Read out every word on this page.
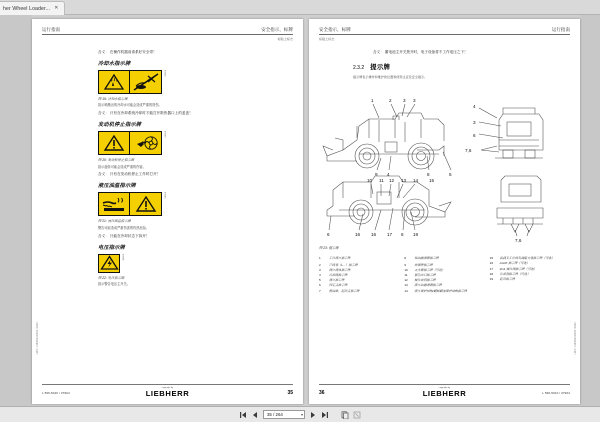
her Wheel Loader... ✕
运行指南	安全指示，标牌
标贴上标志
含义： 在操作机器前请系好安全带！
冷却水指示牌
93062
图 19: 冷却水指示牌
指示喷溅出的冷却水可能会造成严重的烫伤。
含义： 只有在冷却系统冷却时才能打开散热器口上的盖盖！
发动机停止指示牌
93063
图 20: 发动机停止指示牌
指示旋转可能会造成严重的伤害。
含义： 只有在发动机停止工作时打开！
液压油温指示牌
93064
图 21: 液压油温指示牌
警告可能造成严重伤害的灼热危险。
含义： 只能在冷却状态下拆开！
电压指示牌
93065
图 22: 电压指示牌
指示警告电压主开关。
LWN 10506220054.0302
L 566-5010 / 37904
copyright by
LIEBHERR	35
安全指示，标牌	运行指南
标贴上标志
含义： 蓄电池主开关拨开时，电子设备将不工作电压之下！
2.3.2 提示牌
提示牌表示操作和维护的位置和使用注意及安全提示。
1	2 3 3
9 4	8	5
4
3
6
7,6
10 11 12 13 14 15
6	16 16 17 6 19
7,6
图 23: 提示牌
1	工作液压指示牌
2	声级表（L...）指示牌
3	液压液体指示牌
4	冷却液指示牌
5	液压指示牌
6	固定点指示牌
7	燃油箱、起吊点指示牌
8	柴油滤清器指示牌
9	质保牌指示牌
10	灭火器指示牌（可选）
11	紧急出口指示牌
12	操作说明指示牌
13	液压油滤清器指示牌
14	液压保护结构/翻转翻滚保护结构指示牌
15	装载叉工作的负载能力表指示牌（可选）
16	LGAT 指示牌（可选）
17	2in1 操作阀指示牌（可选）
18	冷却剂指示牌（可选）
19	起吊指示牌
LWN 10506220054.0302
36
copyright by
LIEBHERR	L 566-5010 / 37904
35 / 264
▾
